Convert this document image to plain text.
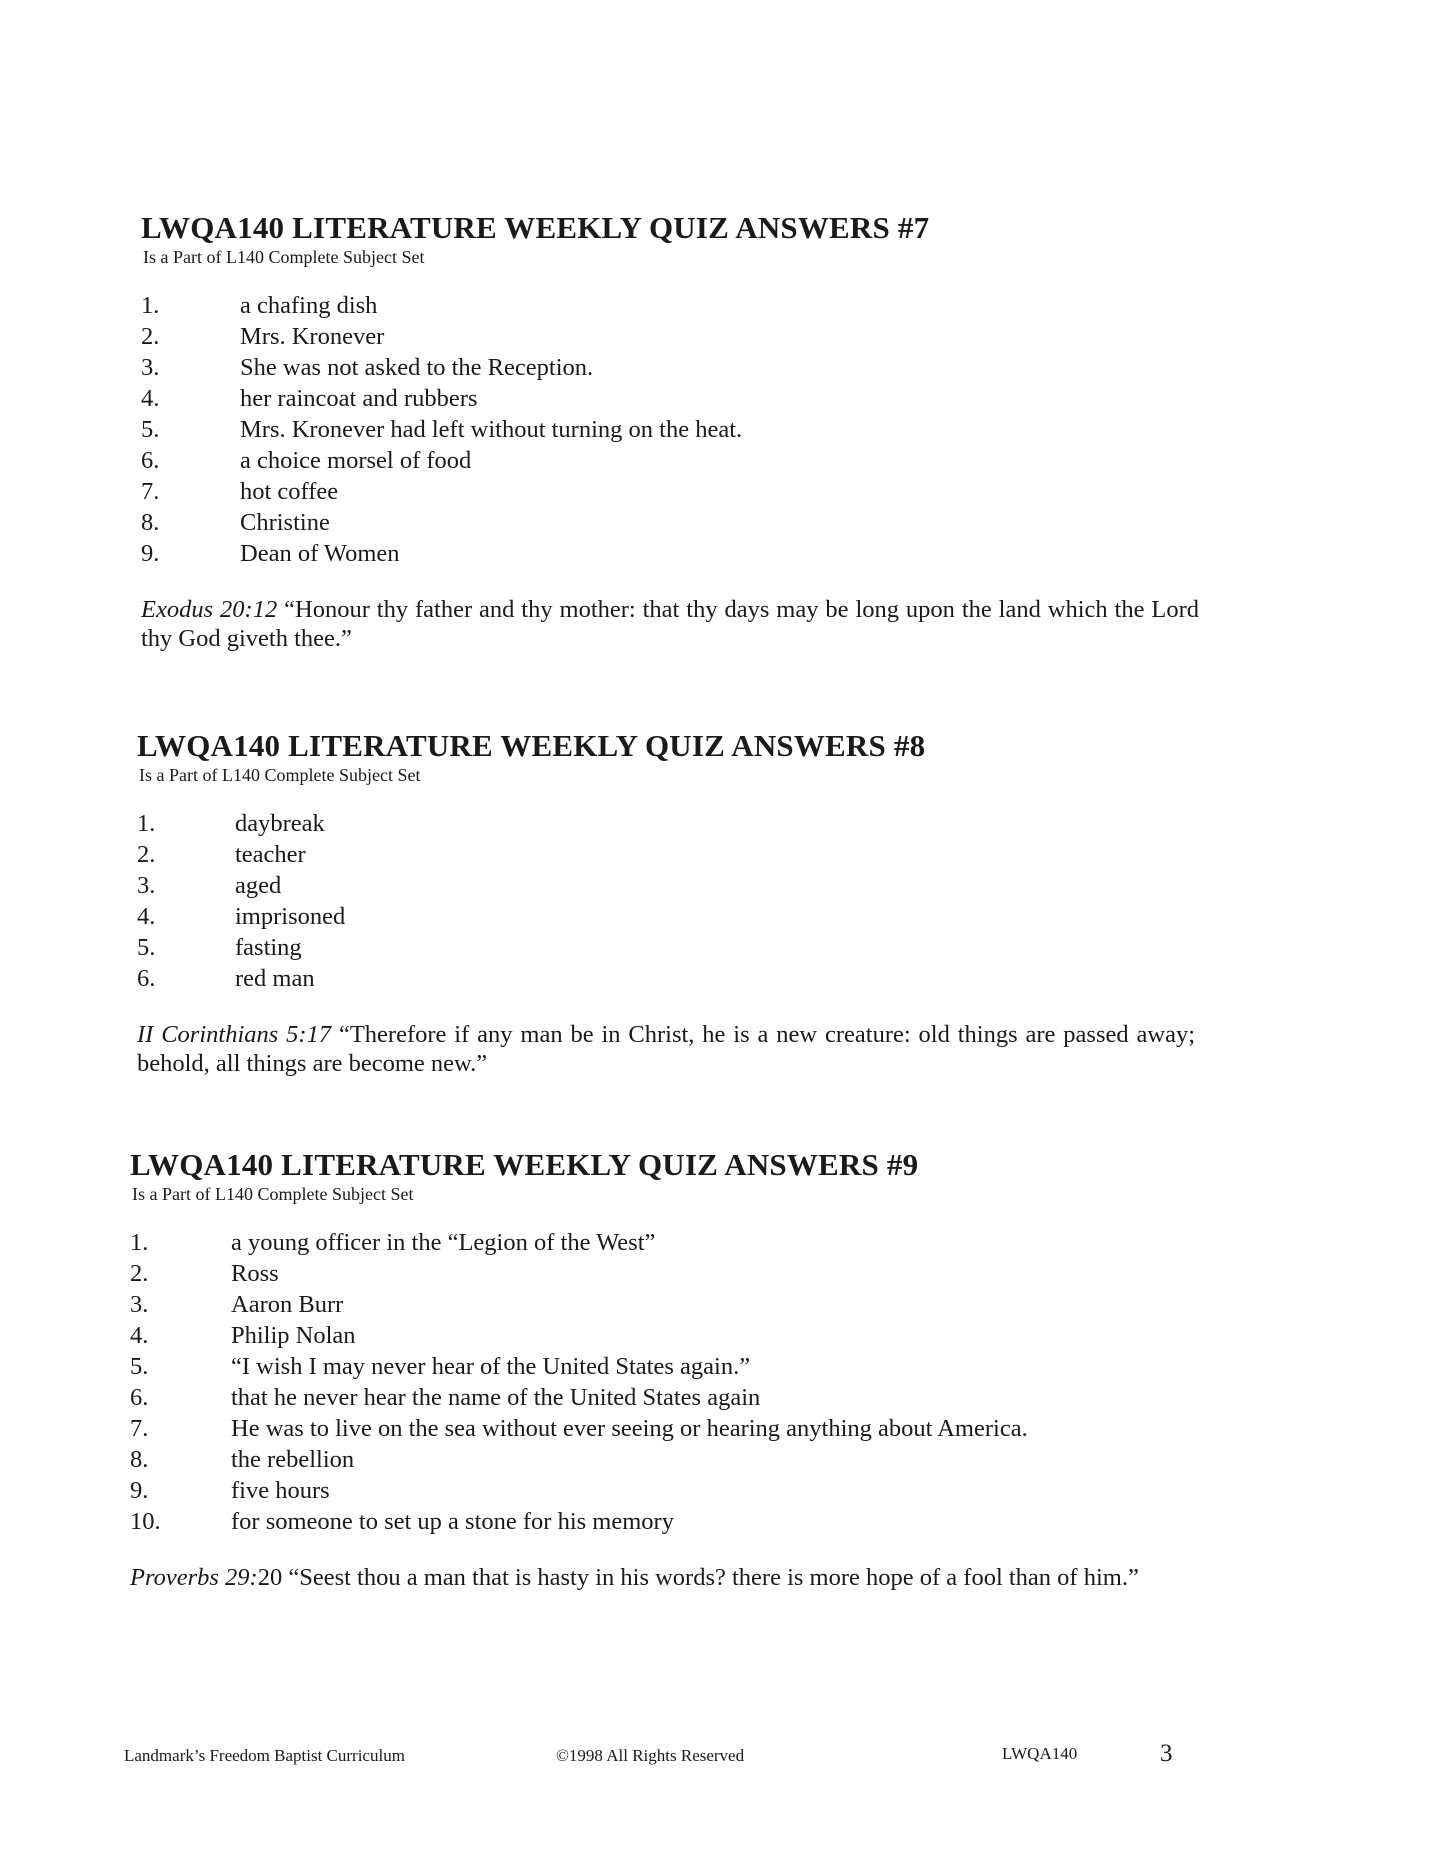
LWQA140 LITERATURE WEEKLY QUIZ ANSWERS #7

Is a Part of L140 Complete Subject Set

1.	a chafing dish
2.	Mrs. Kronever
3.	She was not asked to the Reception.
4.	her raincoat and rubbers
5.	Mrs. Kronever had left without turning on the heat.
6.	a choice morsel of food
7.	hot coffee
8.	Christine
9.	Dean of Women

Exodus 20:12 “Honour thy father and thy mother: that thy days may be long upon the land which the Lord thy God giveth thee.”

LWQA140 LITERATURE WEEKLY QUIZ ANSWERS #8

Is a Part of L140 Complete Subject Set

1.	daybreak
2.	teacher
3.	aged
4.	imprisoned
5.	fasting
6.	red man

II Corinthians 5:17 “Therefore if any man be in Christ, he is a new creature: old things are passed away; behold, all things are become new.”

LWQA140 LITERATURE WEEKLY QUIZ ANSWERS #9

Is a Part of L140 Complete Subject Set

1.	a young officer in the “Legion of the West”
2.	Ross
3.	Aaron Burr
4.	Philip Nolan
5.	“I wish I may never hear of the United States again.”
6.	that he never hear the name of the United States again
7.	He was to live on the sea without ever seeing or hearing anything about America.
8.	the rebellion
9.	five hours
10.	for someone to set up a stone for his memory

Proverbs 29:20 “Seest thou a man that is hasty in his words? there is more hope of a fool than of him.”

Landmark’s Freedom Baptist Curriculum	©1998 All Rights Reserved	LWQA140	3
